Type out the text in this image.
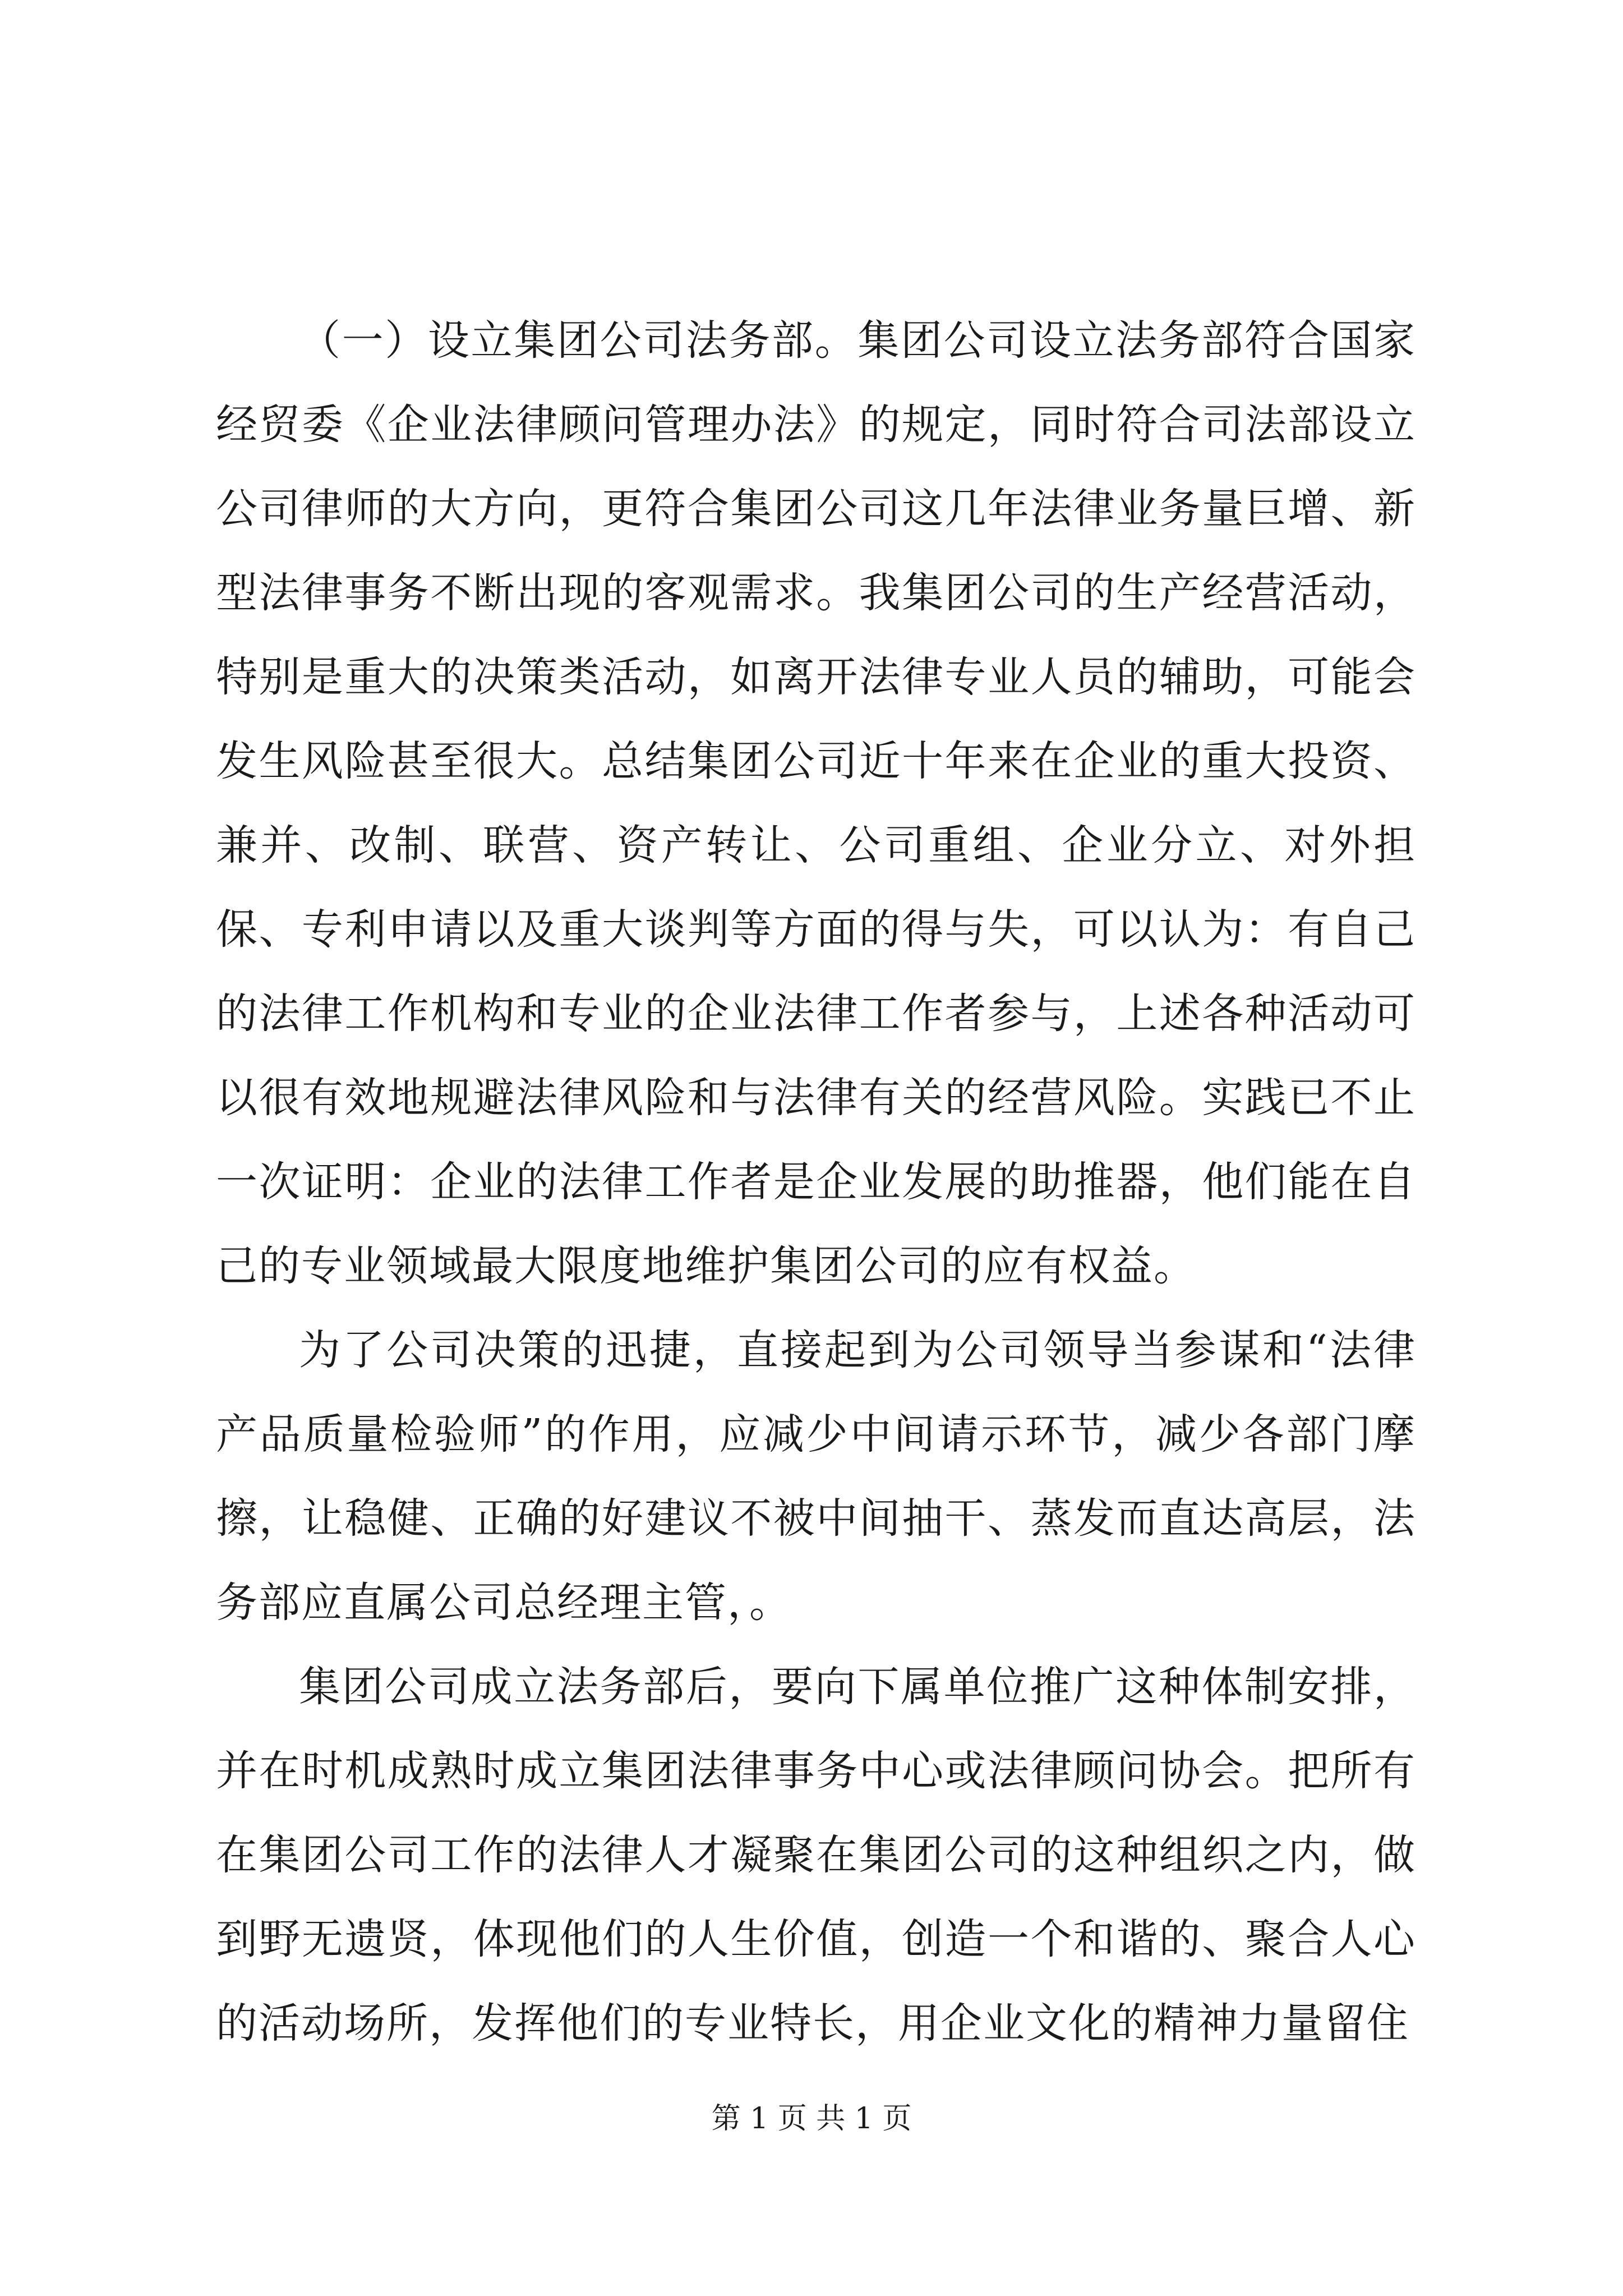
（一）设立集团公司法务部。集团公司设立法务部符合国家经贸委《企业法律顾问管理办法》的规定，同时符合司法部设立公司律师的大方向，更符合集团公司这几年法律业务量巨增、新型法律事务不断出现的客观需求。我集团公司的生产经营活动，特别是重大的决策类活动，如离开法律专业人员的辅助，可能会发生风险甚至很大。总结集团公司近十年来在企业的重大投资、兼并、改制、联营、资产转让、公司重组、企业分立、对外担保、专利申请以及重大谈判等方面的得与失，可以认为：有自己的法律工作机构和专业的企业法律工作者参与，上述各种活动可以很有效地规避法律风险和与法律有关的经营风险。实践已不止一次证明：企业的法律工作者是企业发展的助推器，他们能在自己的专业领域最大限度地维护集团公司的应有权益。

为了公司决策的迅捷，直接起到为公司领导当参谋和“法律产品质量检验师”的作用，应减少中间请示环节，减少各部门摩擦，让稳健、正确的好建议不被中间抽干、蒸发而直达高层，法务部应直属公司总经理主管，。

集团公司成立法务部后，要向下属单位推广这种体制安排，并在时机成熟时成立集团法律事务中心或法律顾问协会。把所有在集团公司工作的法律人才凝聚在集团公司的这种组织之内，做到野无遗贤，体现他们的人生价值，创造一个和谐的、聚合人心的活动场所，发挥他们的专业特长，用企业文化的精神力量留住

第 1 页 共 1 页
